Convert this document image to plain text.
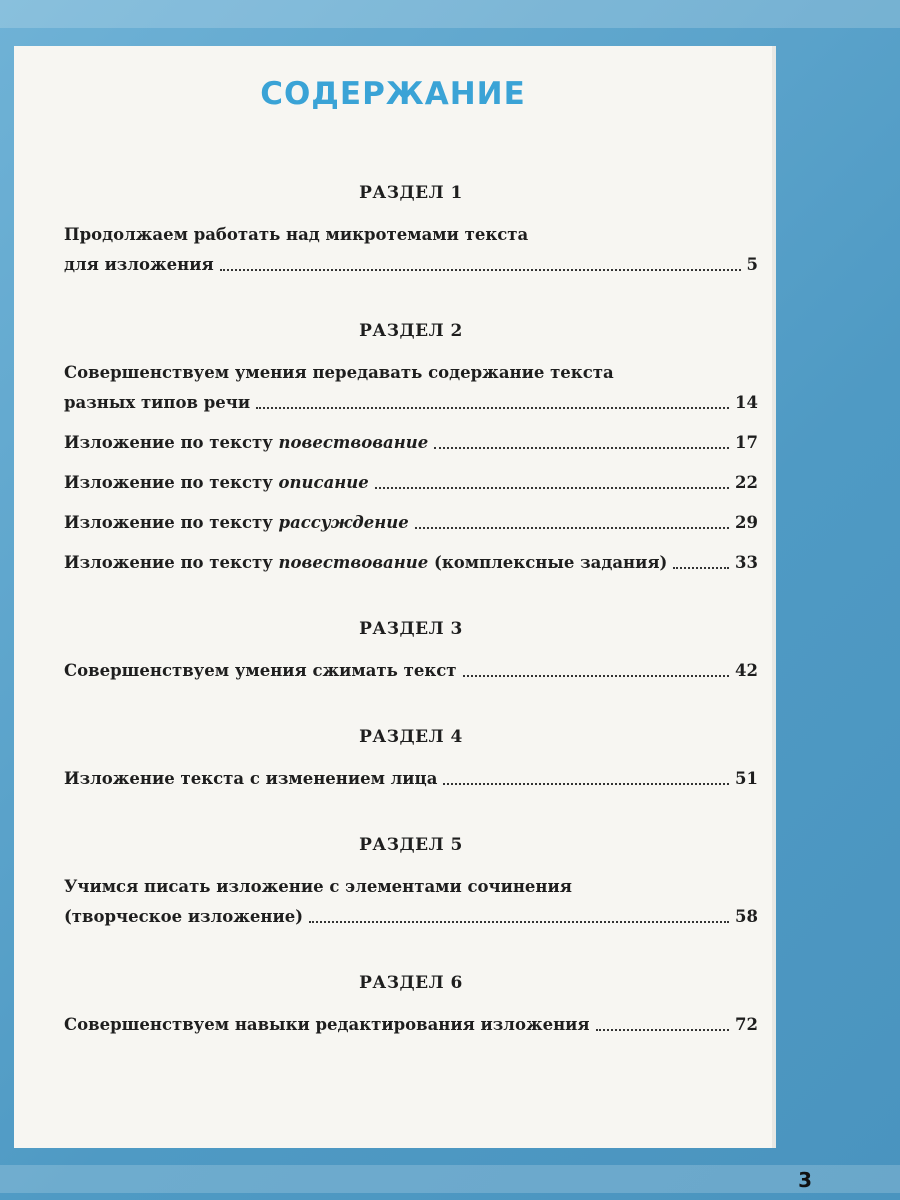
СОДЕРЖАНИЕ
РАЗДЕЛ 1
Продолжаем работать над микротемами текста
для изложения	5
РАЗДЕЛ 2
Совершенствуем умения передавать содержание текста
разных типов речи	14
Изложение по тексту повествование	17
Изложение по тексту описание	22
Изложение по тексту рассуждение	29
Изложение по тексту повествование (комплексные задания)	33
РАЗДЕЛ 3
Совершенствуем умения сжимать текст	42
РАЗДЕЛ 4
Изложение текста с изменением лица	51
РАЗДЕЛ 5
Учимся писать изложение с элементами сочинения
(творческое изложение)	58
РАЗДЕЛ 6
Совершенствуем навыки редактирования изложения	72
3
